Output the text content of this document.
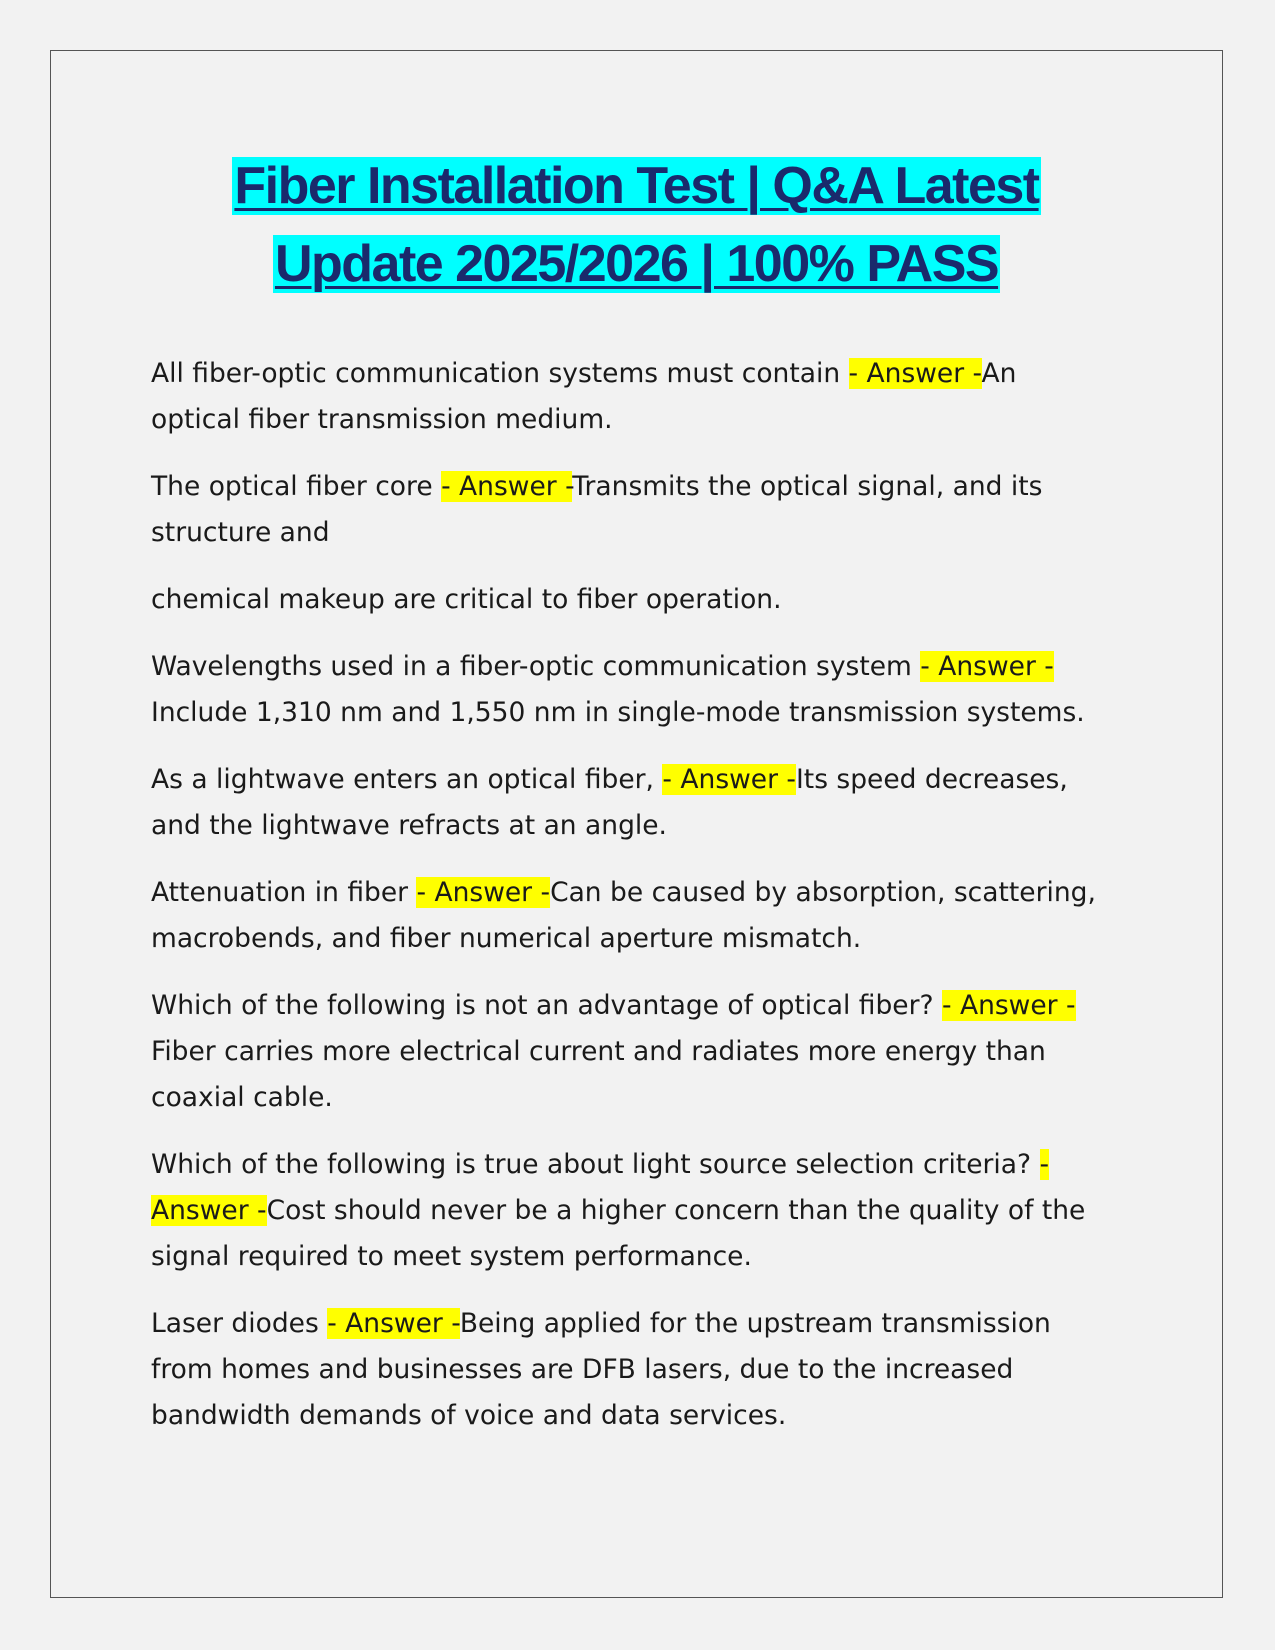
Fiber Installation Test | Q&A Latest
Update 2025/2026 | 100% PASS

All fiber-optic communication systems must contain - Answer -An optical fiber transmission medium.

The optical fiber core - Answer -Transmits the optical signal, and its structure and

chemical makeup are critical to fiber operation.

Wavelengths used in a fiber-optic communication system - Answer -Include 1,310 nm and 1,550 nm in single-mode transmission systems.

As a lightwave enters an optical fiber, - Answer -Its speed decreases, and the lightwave refracts at an angle.

Attenuation in fiber - Answer -Can be caused by absorption, scattering, macrobends, and fiber numerical aperture mismatch.

Which of the following is not an advantage of optical fiber? - Answer -Fiber carries more electrical current and radiates more energy than coaxial cable.

Which of the following is true about light source selection criteria? - Answer -Cost should never be a higher concern than the quality of the signal required to meet system performance.

Laser diodes - Answer -Being applied for the upstream transmission from homes and businesses are DFB lasers, due to the increased bandwidth demands of voice and data services.
